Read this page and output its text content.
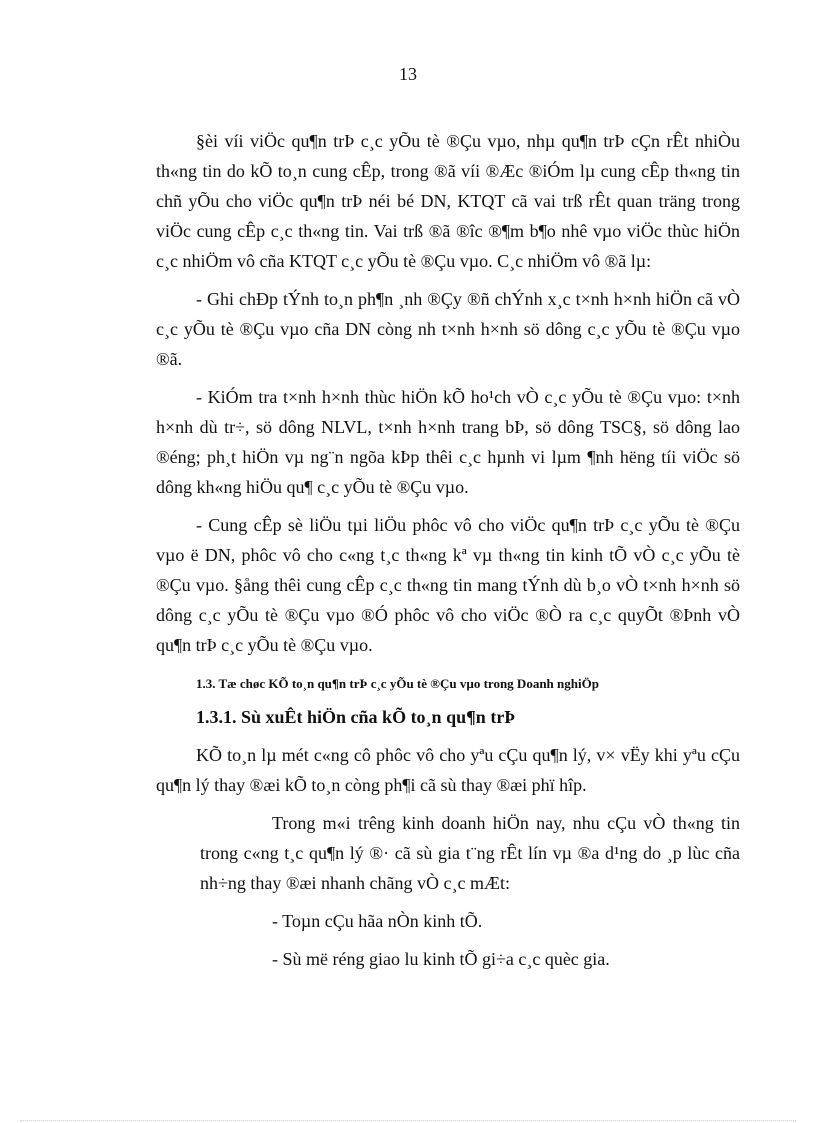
13

§èi víi viÖc qu¶n trÞ c¸c yÕu tè ®Çu vµo, nhµ qu¶n trÞ cÇn rÊt nhiÒu th«ng tin do kÕ to¸n cung cÊp, trong ®ã víi ®Æc ®iÓm lµ cung cÊp th«ng tin chñ yÕu cho viÖc qu¶n trÞ néi bé DN, KTQT cã vai trß rÊt quan träng trong viÖc cung cÊp c¸c th«ng tin. Vai trß ®ã ®îc ®¶m b¶o nhê vµo viÖc thùc hiÖn c¸c nhiÖm vô cña KTQT c¸c yÕu tè ®Çu vµo. C¸c nhiÖm vô ®ã lµ:

- Ghi chÐp tÝnh to¸n ph¶n ¸nh ®Çy ®ñ chÝnh x¸c t×nh h×nh hiÖn cã vÒ c¸c yÕu tè ®Çu vµo cña DN còng nh t×nh h×nh sö dông c¸c yÕu tè ®Çu vµo ®ã.

- KiÓm tra t×nh h×nh thùc hiÖn kÕ ho¹ch vÒ c¸c yÕu tè ®Çu vµo: t×nh h×nh dù tr÷, sö dông NLVL, t×nh h×nh trang bÞ, sö dông TSC§, sö dông lao ®éng; ph¸t hiÖn vµ ng¨n ngõa kÞp thêi c¸c hµnh vi lµm ¶nh hëng tíi viÖc sö dông kh«ng hiÖu qu¶ c¸c yÕu tè ®Çu vµo.

- Cung cÊp sè liÖu tµi liÖu phôc vô cho viÖc qu¶n trÞ c¸c yÕu tè ®Çu vµo ë DN, phôc vô cho c«ng t¸c th«ng kª vµ th«ng tin kinh tÕ vÒ c¸c yÕu tè ®Çu vµo. §ång thêi cung cÊp c¸c th«ng tin mang tÝnh dù b¸o vÒ t×nh h×nh sö dông c¸c yÕu tè ®Çu vµo ®Ó phôc vô cho viÖc ®Ò ra c¸c quyÕt ®Þnh vÒ qu¶n trÞ c¸c yÕu tè ®Çu vµo.

1.3. Tæ chøc KÕ to¸n qu¶n trÞ c¸c yÕu tè ®Çu vµo trong Doanh nghiÖp
1.3.1. Sù xuÊt hiÖn cña kÕ to¸n qu¶n trÞ

KÕ to¸n lµ mét c«ng cô phôc vô cho yªu cÇu qu¶n lý, v× vËy khi yªu cÇu qu¶n lý thay ®æi kÕ to¸n còng ph¶i cã sù thay ®æi phï hîp.

Trong m«i trêng kinh doanh hiÖn nay, nhu cÇu vÒ th«ng tin trong c«ng t¸c qu¶n lý ®· cã sù gia t¨ng rÊt lín vµ ®a d¹ng do ¸p lùc cña nh÷ng thay ®æi nhanh chãng vÒ c¸c mÆt:
- Toµn cÇu hãa nÒn kinh tÕ.
- Sù më réng giao lu kinh tÕ gi÷a c¸c quèc gia.
